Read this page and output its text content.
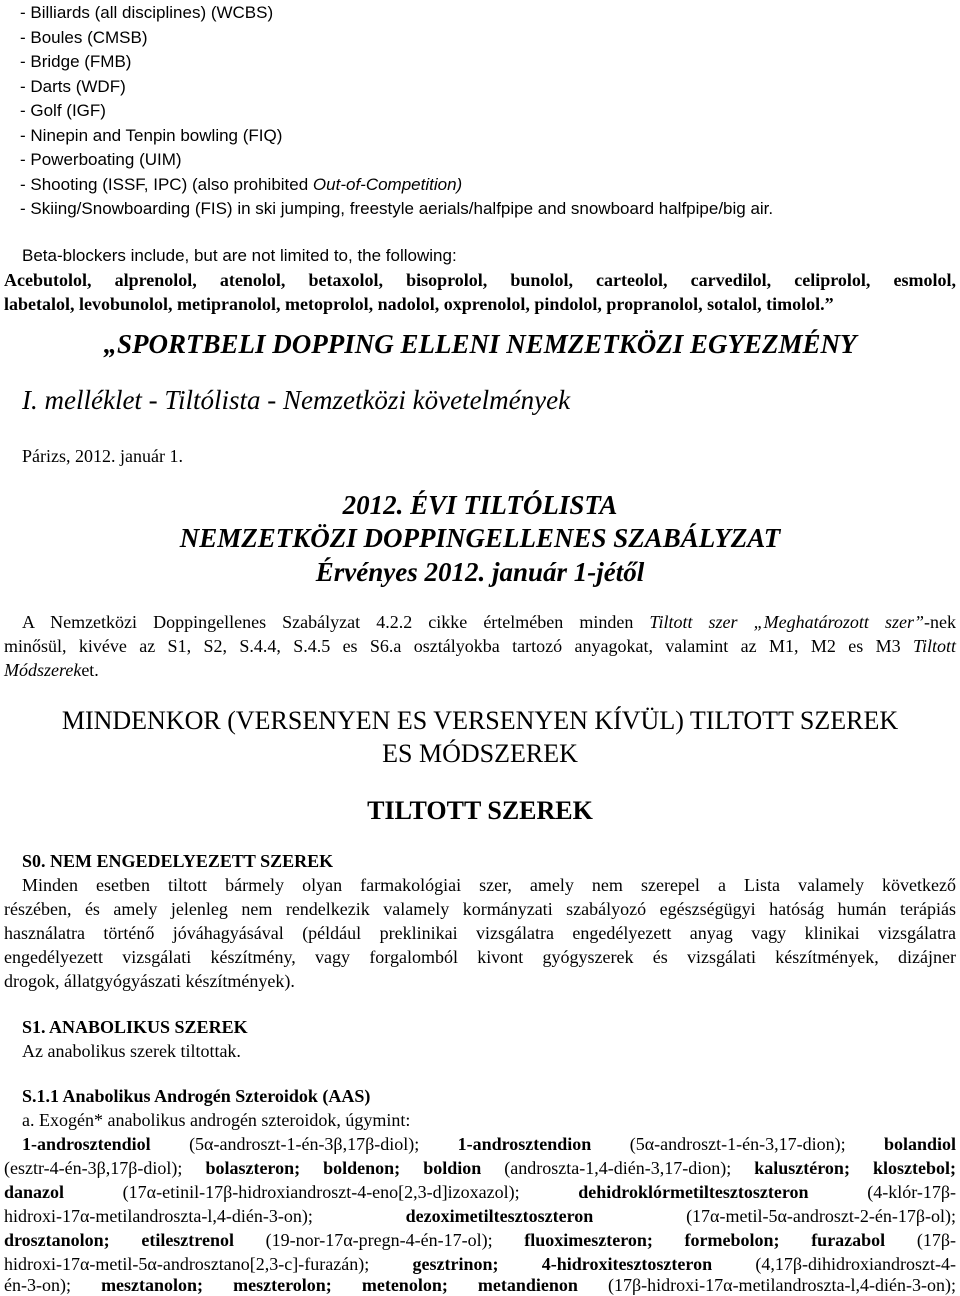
- Billiards (all disciplines) (WCBS)
- Boules (CMSB)
- Bridge (FMB)
- Darts (WDF)
- Golf (IGF)
- Ninepin and Tenpin bowling (FIQ)
- Powerboating (UIM)
- Shooting (ISSF, IPC) (also prohibited Out-of-Competition)
- Skiing/Snowboarding (FIS) in ski jumping, freestyle aerials/halfpipe and snowboard halfpipe/big air.
Beta-blockers include, but are not limited to, the following:
Acebutolol, alprenolol, atenolol, betaxolol, bisoprolol, bunolol, carteolol, carvedilol, celiprolol, esmolol,
labetalol, levobunolol, metipranolol, metoprolol, nadolol, oxprenolol, pindolol, propranolol, sotalol, timolol.”
„SPORTBELI DOPPING ELLENI NEMZETKÖZI EGYEZMÉNY
I. melléklet - Tiltólista - Nemzetközi követelmények
Párizs, 2012. január 1.
2012. ÉVI TILTÓLISTA
NEMZETKÖZI DOPPINGELLENES SZABÁLYZAT
Érvényes 2012. január 1-jétől
A Nemzetközi Doppingellenes Szabályzat 4.2.2 cikke értelmében minden Tiltott szer „Meghatározott szer”-nek
minősül, kivéve az S1, S2, S.4.4, S.4.5 es S6.a osztályokba tartozó anyagokat, valamint az M1, M2 es M3 Tiltott
Módszereket.
MINDENKOR (VERSENYEN ES VERSENYEN KÍVÜL) TILTOTT SZEREK
ES MÓDSZEREK
TILTOTT SZEREK
S0. NEM ENGEDELYEZETT SZEREK
Minden esetben tiltott bármely olyan farmakológiai szer, amely nem szerepel a Lista valamely következő
részében, és amely jelenleg nem rendelkezik valamely kormányzati szabályozó egészségügyi hatóság humán terápiás
használatra történő jóváhagyásával (például preklinikai vizsgálatra engedélyezett anyag vagy klinikai vizsgálatra
engedélyezett vizsgálati készítmény, vagy forgalomból kivont gyógyszerek és vizsgálati készítmények, dizájner
drogok, állatgyógyászati készítmények).
S1. ANABOLIKUS SZEREK
Az anabolikus szerek tiltottak.
S.1.1 Anabolikus Androgén Szteroidok (AAS)
a. Exogén* anabolikus androgén szteroidok, úgymint:
1-androsztendiol (5α-androszt-1-én-3β,17β-diol); 1-androsztendion (5α-androszt-1-én-3,17-dion); bolandiol
(esztr-4-én-3β,17β-diol); bolaszteron; boldenon; boldion (androszta-1,4-dién-3,17-dion); kalusztéron; klosztebol;
danazol (17α-etinil-17β-hidroxiandroszt-4-eno[2,3-d]izoxazol); dehidroklórmetiltesztoszteron (4-klór-17β-
hidroxi-17α-metilandroszta-l,4-dién-3-on); dezoximetiltesztoszteron (17α-metil-5α-androszt-2-én-17β-ol);
drosztanolon; etilesztrenol (19-nor-17α-pregn-4-én-17-ol); fluoximeszteron; formebolon; furazabol (17β-
hidroxi-17α-metil-5α-androsztano[2,3-c]-furazán); gesztrinon; 4-hidroxitesztoszteron (4,17β-dihidroxiandroszt-4-
én-3-on); mesztanolon; meszterolon; metenolon; metandienon (17β-hidroxi-17α-metilandroszta-l,4-dién-3-on);
